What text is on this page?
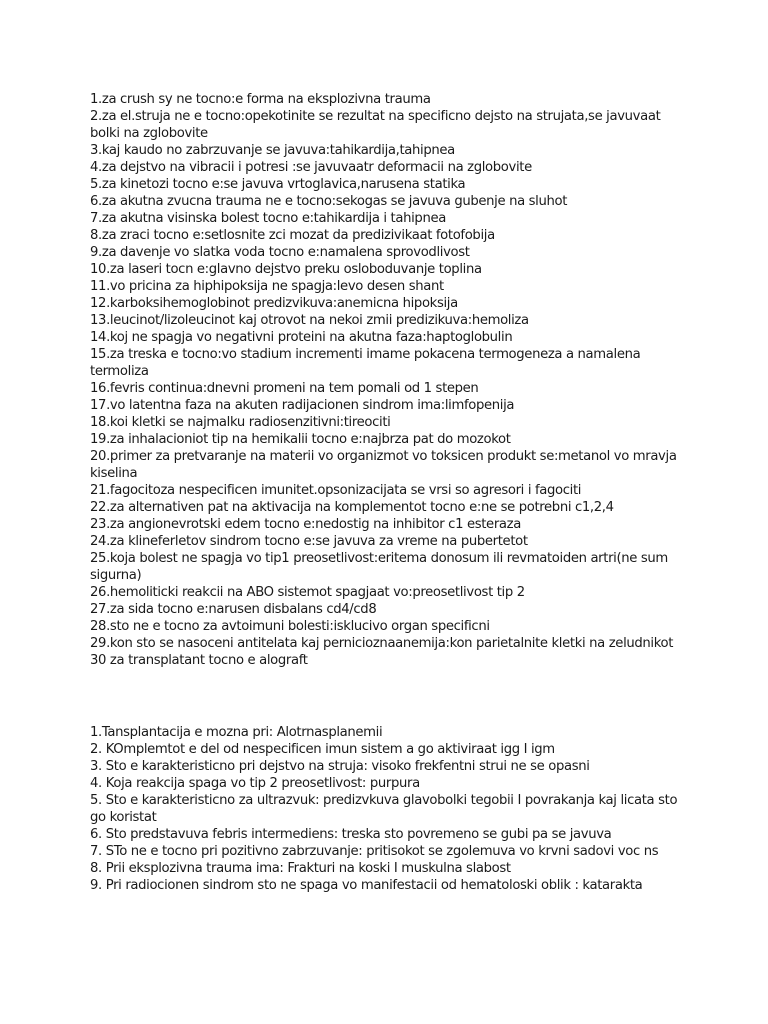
1.za crush sy ne tocno:e forma na eksplozivna trauma
2.za el.struja ne e tocno:opekotinite se rezultat na specificno dejsto na strujata,se javuvaat bolki na zglobovite
3.kaj kaudo no zabrzuvanje se javuva:tahikardija,tahipnea
4.za dejstvo na vibracii i potresi :se javuvaatr deformacii na zglobovite
5.za kinetozi tocno e:se javuva vrtoglavica,narusena statika
6.za akutna zvucna trauma ne e tocno:sekogas se javuva gubenje na sluhot
7.za akutna visinska bolest tocno e:tahikardija i tahipnea
8.za zraci tocno e:setlosnite zci mozat da predizivikaat fotofobija
9.za davenje vo slatka voda tocno e:namalena sprovodlivost
10.za laseri tocn e:glavno dejstvo preku osloboduvanje toplina
11.vo pricina za hiphipoksija ne spagja:levo desen shant
12.karboksihemoglobinot predizvikuva:anemicna hipoksija
13.leucinot/lizoleucinot kaj otrovot na nekoi zmii predizikuva:hemoliza
14.koj ne spagja vo negativni proteini na akutna faza:haptoglobulin
15.za treska e tocno:vo stadium incrementi imame pokacena termogeneza a namalena termoliza
16.fevris continua:dnevni promeni na tem pomali od 1 stepen
17.vo latentna faza na akuten radijacionen sindrom ima:limfopenija
18.koi kletki se najmalku radiosenzitivni:tireociti
19.za inhalacioniot tip na hemikalii tocno e:najbrza pat do mozokot
20.primer za pretvaranje na materii vo organizmot vo toksicen produkt se:metanol vo mravja kiselina
21.fagocitoza nespecificen imunitet.opsonizacijata se vrsi so agresori i fagociti
22.za alternativen pat na aktivacija na komplementot tocno e:ne se potrebni c1,2,4
23.za angionevrotski edem tocno e:nedostig na inhibitor c1 esteraza
24.za klineferletov sindrom tocno e:se javuva za vreme na pubertetot
25.koja bolest ne spagja vo tip1 preosetlivost:eritema donosum ili revmatoiden artri(ne sum sigurna)
26.hemoliticki reakcii na ABO sistemot spagjaat vo:preosetlivost tip 2
27.za sida tocno e:narusen disbalans cd4/cd8
28.sto ne e tocno za avtoimuni bolesti:isklucivo organ specificni
29.kon sto se nasoceni antitelata kaj pernicioznaanemija:kon parietalnite kletki na zeludnikot
30 za transplatant tocno e alograft
1.Tansplantacija e mozna pri: Alotrnasplanemii
2. KOmplemtot e del od nespecificen imun sistem a go aktiviraat igg I igm
3. Sto e karakteristicno pri dejstvo na struja: visoko frekfentni strui ne se opasni
4. Koja reakcija spaga vo tip 2 preosetlivost: purpura
5. Sto e karakteristicno za ultrazvuk: predizvkuva glavobolki tegobii I povrakanja kaj licata sto go koristat
6. Sto predstavuva febris intermediens: treska sto povremeno se gubi pa se javuva
7. STo ne e tocno pri pozitivno zabrzuvanje: pritisokot se zgolemuva vo krvni sadovi voc ns
8. Prii eksplozivna trauma ima: Frakturi na koski I muskulna slabost
9. Pri radiocionen sindrom sto ne spaga vo manifestacii od hematoloski oblik : katarakta
